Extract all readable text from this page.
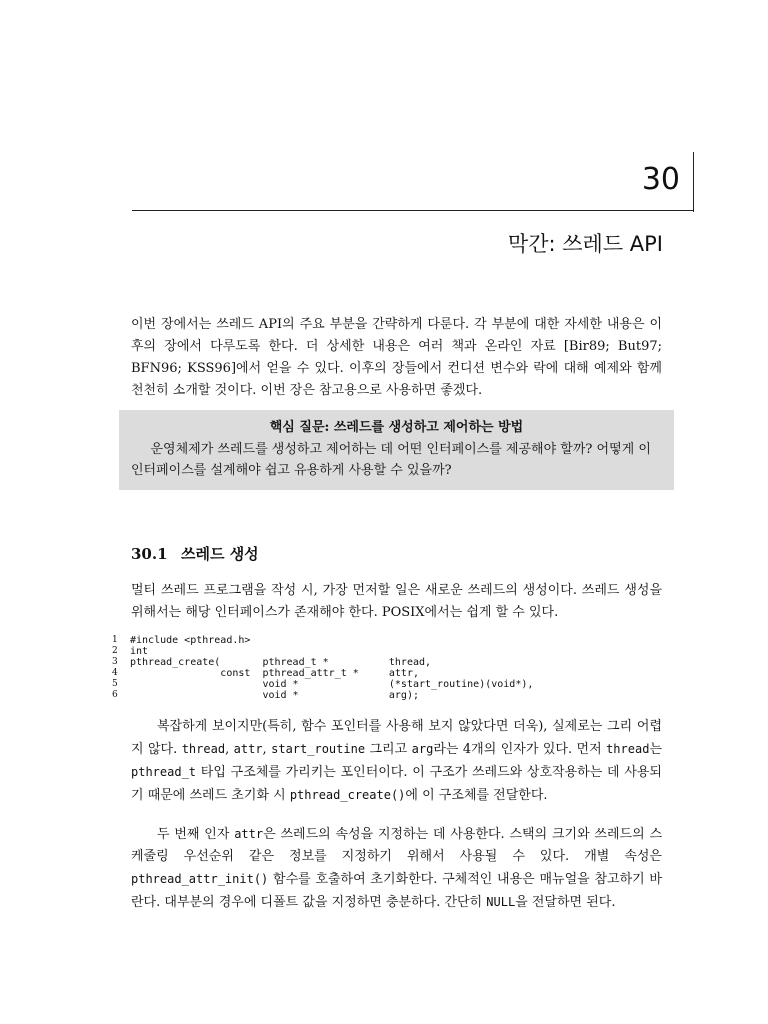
30
막간: 쓰레드 API

이번 장에서는 쓰레드 API의 주요 부분을 간략하게 다룬다. 각 부분에 대한 자세한 내용은 이후의 장에서 다루도록 한다. 더 상세한 내용은 여러 책과 온라인 자료 [Bir89; But97; BFN96; KSS96]에서 얻을 수 있다. 이후의 장들에서 컨디션 변수와 락에 대해 예제와 함께 천천히 소개할 것이다. 이번 장은 참고용으로 사용하면 좋겠다.

핵심 질문: 쓰레드를 생성하고 제어하는 방법

운영체제가 쓰레드를 생성하고 제어하는 데 어떤 인터페이스를 제공해야 할까? 어떻게 이 인터페이스를 설계해야 쉽고 유용하게 사용할 수 있을까?

30.1 쓰레드 생성

멀티 쓰레드 프로그램을 작성 시, 가장 먼저할 일은 새로운 쓰레드의 생성이다. 쓰레드 생성을 위해서는 해당 인터페이스가 존재해야 한다. POSIX에서는 쉽게 할 수 있다.

1	#include <pthread.h>
2	int
3	pthread_create(       pthread_t *          thread,
4	const  pthread_attr_t *     attr,
5	void *               (*start_routine)(void*),
6	void *               arg);

복잡하게 보이지만(특히, 함수 포인터를 사용해 보지 않았다면 더욱), 실제로는 그리 어렵지 않다. thread, attr, start_routine 그리고 arg라는 4개의 인자가 있다. 먼저 thread는 pthread_t 타입 구조체를 가리키는 포인터이다. 이 구조가 쓰레드와 상호작용하는 데 사용되기 때문에 쓰레드 초기화 시 pthread_create()에 이 구조체를 전달한다.

두 번째 인자 attr은 쓰레드의 속성을 지정하는 데 사용한다. 스택의 크기와 쓰레드의 스케줄링 우선순위 같은 정보를 지정하기 위해서 사용될 수 있다. 개별 속성은 pthread_attr_init() 함수를 호출하여 초기화한다. 구체적인 내용은 매뉴얼을 참고하기 바란다. 대부분의 경우에 디폴트 값을 지정하면 충분하다. 간단히 NULL을 전달하면 된다.
